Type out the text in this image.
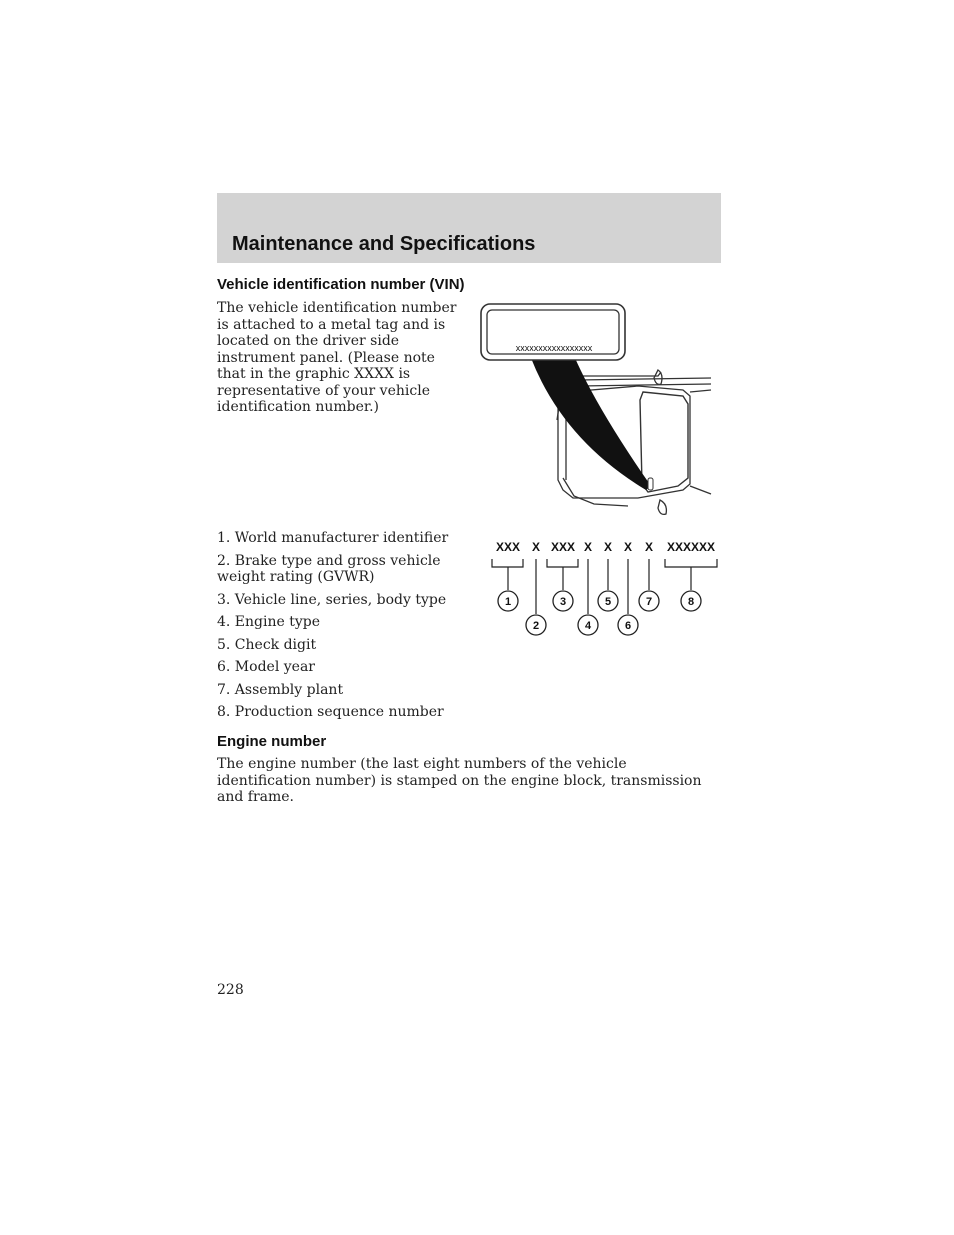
Maintenance and Specifications
Vehicle identification number (VIN)

The vehicle identification number is attached to a metal tag and is located on the driver side instrument panel. (Please note that in the graphic XXXX is representative of your vehicle identification number.)

xxxxxxxxxxxxxxxxx
1. World manufacturer identifier
2. Brake type and gross vehicle weight rating (GVWR)
3. Vehicle line, series, body type
4. Engine type
5. Check digit
6. Model year
7. Assembly plant
8. Production sequence number
XXX X XXX X X X X XXXXXX
1
2
3
4
5
6
7	8
Engine number

The engine number (the last eight numbers of the vehicle identification number) is stamped on the engine block, transmission and frame.

228
